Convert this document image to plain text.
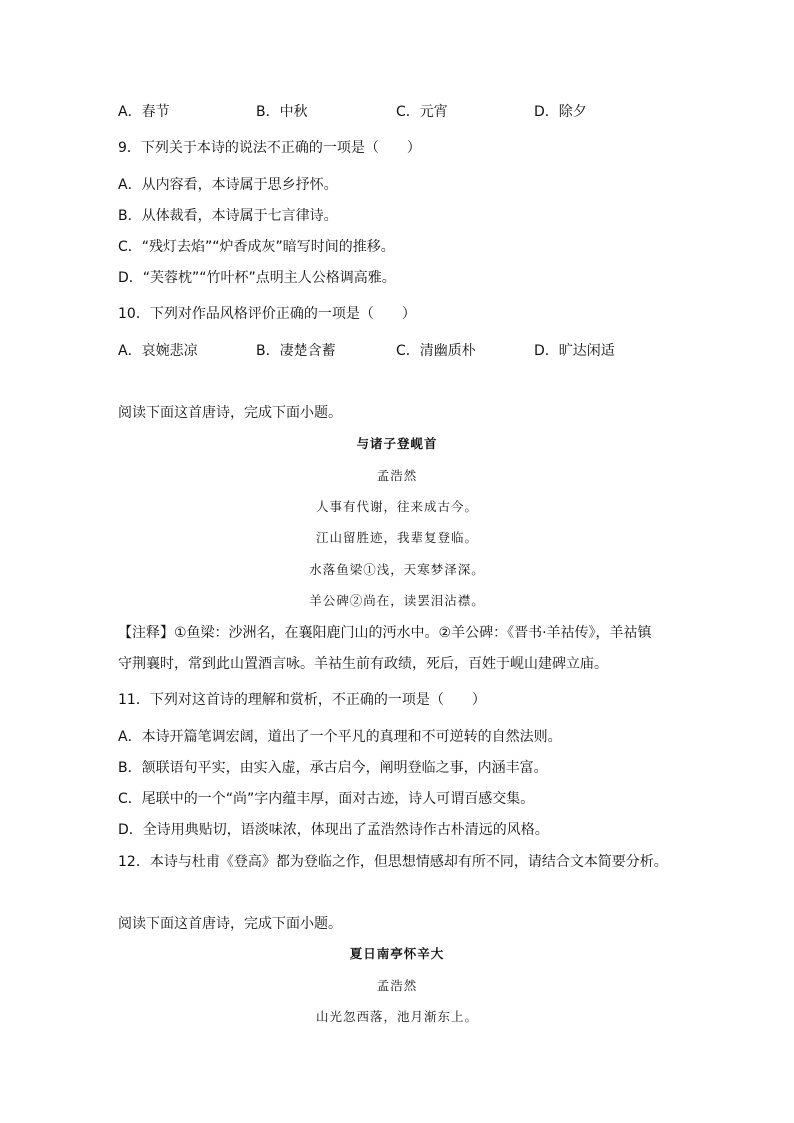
A．春节	B．中秋	C．元宵	D．除夕
9．下列关于本诗的说法不正确的一项是（　　）
A．从内容看，本诗属于思乡抒怀。
B．从体裁看，本诗属于七言律诗。
C．“残灯去焰”“炉香成灰”暗写时间的推移。
D．“芙蓉枕”“竹叶杯”点明主人公格调高雅。
10．下列对作品风格评价正确的一项是（　　）
A．哀婉悲凉	B．凄楚含蓄	C．清幽质朴	D．旷达闲适
阅读下面这首唐诗，完成下面小题。
与诸子登岘首
孟浩然
人事有代谢，往来成古今。
江山留胜迹，我辈复登临。
水落鱼梁①浅，天寒梦泽深。
羊公碑②尚在，读罢泪沾襟。
【注释】①鱼梁：沙洲名，在襄阳鹿门山的沔水中。②羊公碑：《晋书·羊祜传》，羊祜镇
守荆襄时，常到此山置酒言咏。羊祜生前有政绩，死后，百姓于岘山建碑立庙。
11．下列对这首诗的理解和赏析，不正确的一项是（　　）
A．本诗开篇笔调宏阔，道出了一个平凡的真理和不可逆转的自然法则。
B．颔联语句平实，由实入虚，承古启今，阐明登临之事，内涵丰富。
C．尾联中的一个“尚”字内蕴丰厚，面对古迹，诗人可谓百感交集。
D．全诗用典贴切，语淡味浓，体现出了孟浩然诗作古朴清远的风格。
12．本诗与杜甫《登高》都为登临之作，但思想情感却有所不同，请结合文本简要分析。
阅读下面这首唐诗，完成下面小题。
夏日南亭怀辛大
孟浩然
山光忽西落，池月渐东上。
